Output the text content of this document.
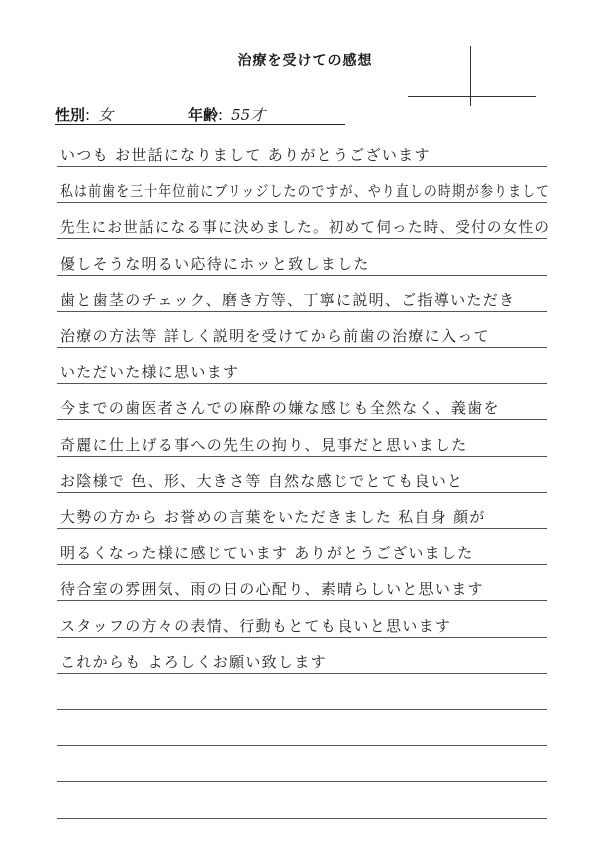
治療を受けての感想
性別: 女	年齢: 55才
いつも お世話になりまして ありがとうございます
私は前歯を三十年位前にブリッジしたのですが、やり直しの時期が参りまして
先生にお世話になる事に決めました。初めて伺った時、受付の女性の
優しそうな明るい応待にホッと致しました
歯と歯茎のチェック、磨き方等、丁寧に説明、ご指導いただき
治療の方法等 詳しく説明を受けてから前歯の治療に入って
いただいた様に思います
今までの歯医者さんでの麻酔の嫌な感じも全然なく、義歯を
奇麗に仕上げる事への先生の拘り、見事だと思いました
お陰様で 色、形、大きさ等 自然な感じでとても良いと
大勢の方から お誉めの言葉をいただきました 私自身 顔が
明るくなった様に感じています ありがとうございました
待合室の雰囲気、雨の日の心配り、素晴らしいと思います
スタッフの方々の表情、行動もとても良いと思います
これからも よろしくお願い致します
